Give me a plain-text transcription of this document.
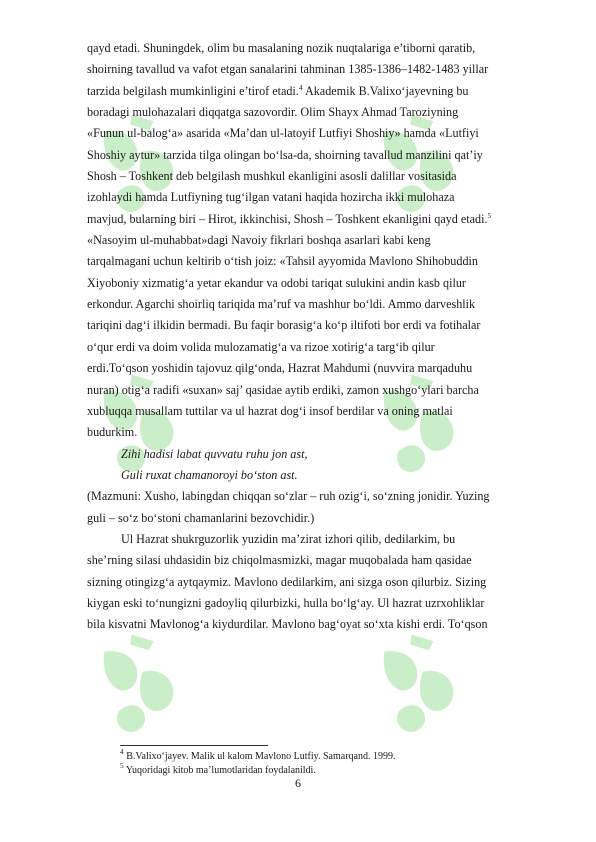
qayd etadi. Shuningdek, olim bu masalaning nozik nuqtalariga e’tiborni qaratib,

shoirning tavallud va vafot etgan sanalarini tahminan 1385-1386–1482-1483 yillar

tarzida belgilash mumkinligini e’tirof etadi.$^4$ Akademik B.Valixo‘jayevning bu

boradagi mulohazalari diqqatga sazovordir. Olim Shayx Ahmad Taroziyning

«Funun ul-balog‘a» asarida «Ma’dan ul-latoyif Lutfiyi Shoshiy» hamda «Lutfiyi

Shoshiy aytur» tarzida tilga olingan bo‘lsa-da, shoirning tavallud manzilini qat’iy

Shosh – Toshkent deb belgilash mushkul ekanligini asosli dalillar vositasida

izohlaydi hamda Lutfiyning tug‘ilgan vatani haqida hozircha ikki mulohaza

mavjud, bularning biri – Hirot, ikkinchisi, Shosh – Toshkent ekanligini qayd etadi.$^5$

«Nasoyim ul-muhabbat»dagi Navoiy fikrlari boshqa asarlari kabi keng

tarqalmagani uchun keltirib o‘tish joiz: «Tahsil ayyomida Mavlono Shihobuddin

Xiyoboniy xizmatig‘a yetar ekandur va odobi tariqat sulukini andin kasb qilur

erkondur. Agarchi shoirliq tariqida ma’ruf va mashhur bo‘ldi. Ammo darveshlik

tariqini dag‘i ilkidin bermadi. Bu faqir borasig‘a ko‘p iltifoti bor erdi va fotihalar

o‘qur erdi va doim volida mulozamatig‘a va rizoe xotirig‘a targ‘ib qilur

erdi.To‘qson yoshidin tajovuz qilg‘onda, Hazrat Mahdumi (nuvvira marqaduhu

nuran) otig‘a radifi «suxan» saj’ qasidae aytib erdiki, zamon xushgo‘ylari barcha

xubluqqa musallam tuttilar va ul hazrat dog‘i insof berdilar va oning matlai

budurkim.

Zihi hadisi labat quvvatu ruhu jon ast,

Guli ruxat chamanoroyi bo‘ston ast.

(Mazmuni: Xusho, labingdan chiqqan so‘zlar – ruh ozig‘i, so‘zning jonidir. Yuzing

guli – so‘z bo‘stoni chamanlarini bezovchidir.)

Ul Hazrat shukrguzorlik yuzidin ma’zirat izhori qilib, dedilarkim, bu

she’rning silasi uhdasidin biz chiqolmasmizki, magar muqobalada ham qasidae

sizning otingizg‘a aytqaymiz. Mavlono dedilarkim, ani sizga oson qilurbiz. Sizing

kiygan eski to‘nungizni gadoyliq qilurbizki, hulla bo‘lg‘ay. Ul hazrat uzrxohliklar

bila kisvatni Mavlonog‘a kiydurdilar. Mavlono bag‘oyat so‘xta kishi erdi. To‘qson

$^4$ B.Valixo‘jayev. Malik ul kalom Mavlono Lutfiy. Samarqand. 1999.

$^5$ Yuqoridagi kitob ma’lumotlaridan foydalanildi.

6
